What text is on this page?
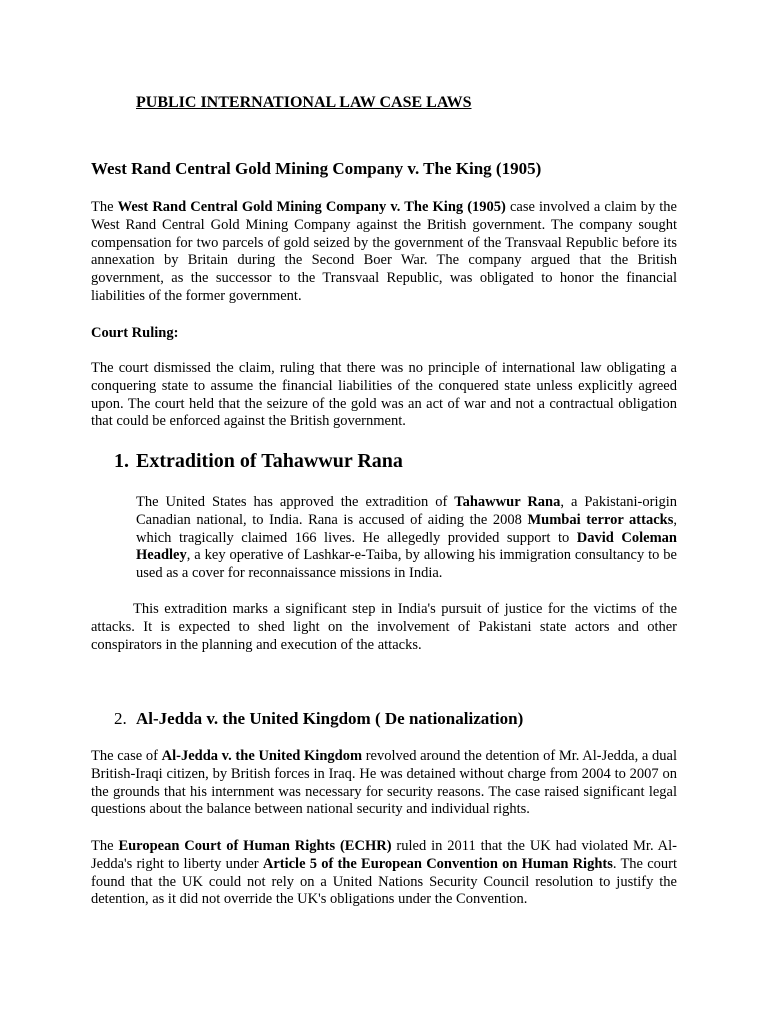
PUBLIC INTERNATIONAL LAW CASE LAWS

West Rand Central Gold Mining Company v. The King (1905)

The West Rand Central Gold Mining Company v. The King (1905) case involved a claim by the West Rand Central Gold Mining Company against the British government. The company sought compensation for two parcels of gold seized by the government of the Transvaal Republic before its annexation by Britain during the Second Boer War. The company argued that the British government, as the successor to the Transvaal Republic, was obligated to honor the financial liabilities of the former government.

Court Ruling:

The court dismissed the claim, ruling that there was no principle of international law obligating a conquering state to assume the financial liabilities of the conquered state unless explicitly agreed upon. The court held that the seizure of the gold was an act of war and not a contractual obligation that could be enforced against the British government.

1. Extradition of Tahawwur Rana

The United States has approved the extradition of Tahawwur Rana, a Pakistani-origin Canadian national, to India. Rana is accused of aiding the 2008 Mumbai terror attacks, which tragically claimed 166 lives. He allegedly provided support to David Coleman Headley, a key operative of Lashkar-e-Taiba, by allowing his immigration consultancy to be used as a cover for reconnaissance missions in India.

This extradition marks a significant step in India's pursuit of justice for the victims of the attacks. It is expected to shed light on the involvement of Pakistani state actors and other conspirators in the planning and execution of the attacks.

2. Al-Jedda v. the United Kingdom ( De nationalization)

The case of Al-Jedda v. the United Kingdom revolved around the detention of Mr. Al-Jedda, a dual British-Iraqi citizen, by British forces in Iraq. He was detained without charge from 2004 to 2007 on the grounds that his internment was necessary for security reasons. The case raised significant legal questions about the balance between national security and individual rights.

The European Court of Human Rights (ECHR) ruled in 2011 that the UK had violated Mr. Al-Jedda's right to liberty under Article 5 of the European Convention on Human Rights. The court found that the UK could not rely on a United Nations Security Council resolution to justify the detention, as it did not override the UK's obligations under the Convention.
